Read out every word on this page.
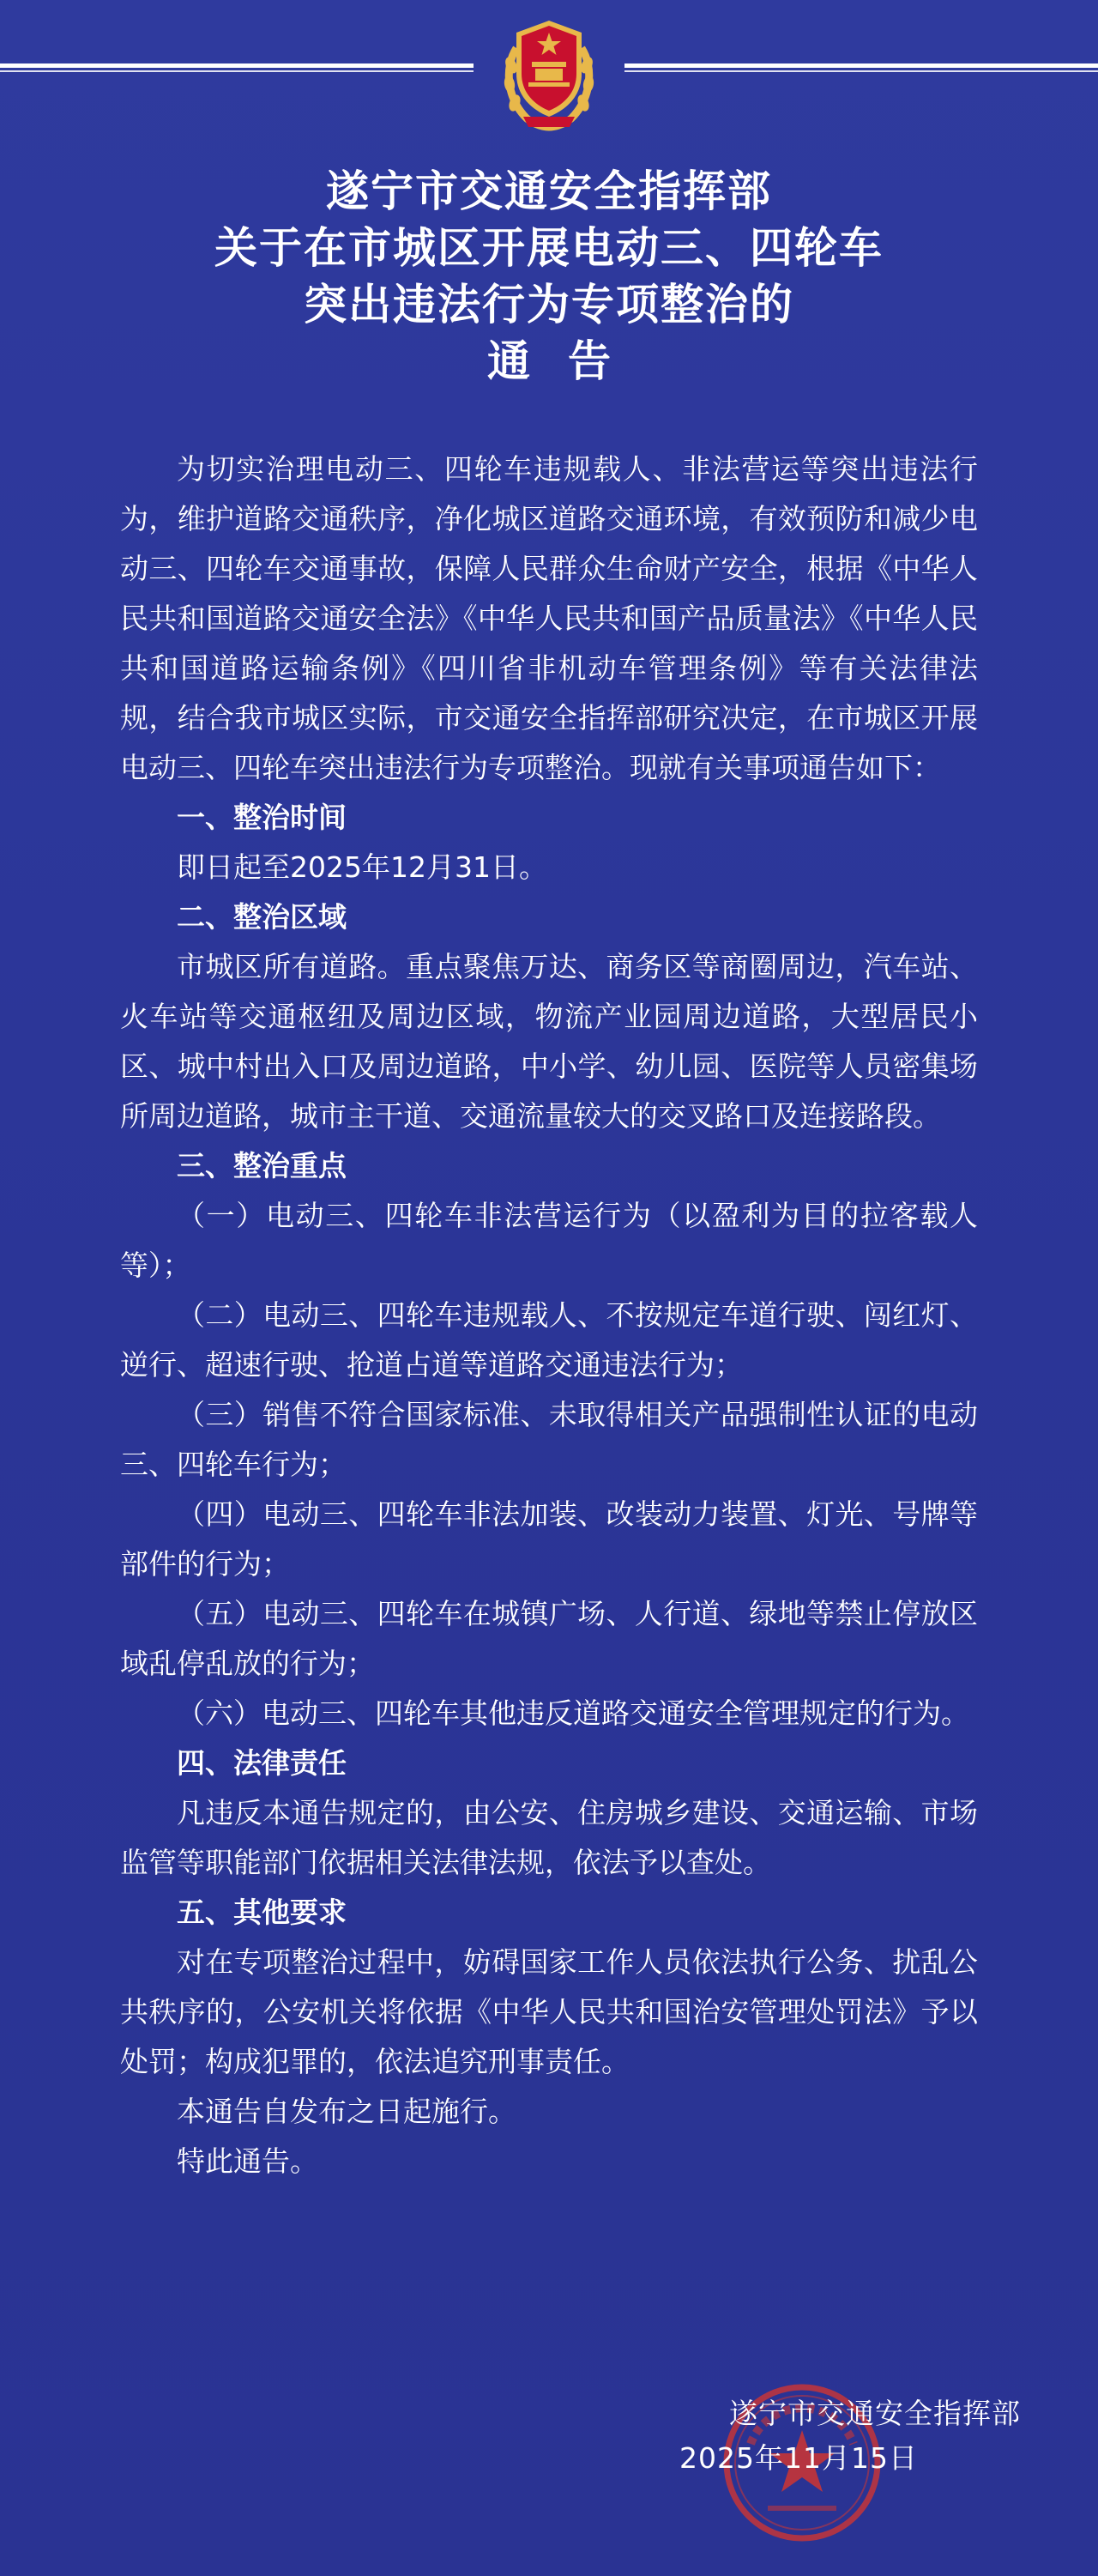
遂宁市交通安全指挥部
关于在市城区开展电动三、四轮车
突出违法行为专项整治的
通告

为切实治理电动三、四轮车违规载人、非法营运等突出违法行为，维护道路交通秩序，净化城区道路交通环境，有效预防和减少电动三、四轮车交通事故，保障人民群众生命财产安全，根据《中华人民共和国道路交通安全法》《中华人民共和国产品质量法》《中华人民共和国道路运输条例》《四川省非机动车管理条例》等有关法律法规，结合我市城区实际，市交通安全指挥部研究决定，在市城区开展电动三、四轮车突出违法行为专项整治。现就有关事项通告如下：

一、整治时间

即日起至2025年12月31日。

二、整治区域

市城区所有道路。重点聚焦万达、商务区等商圈周边，汽车站、火车站等交通枢纽及周边区域，物流产业园周边道路，大型居民小区、城中村出入口及周边道路，中小学、幼儿园、医院等人员密集场所周边道路，城市主干道、交通流量较大的交叉路口及连接路段。

三、整治重点

（一）电动三、四轮车非法营运行为（以盈利为目的拉客载人等）；

（二）电动三、四轮车违规载人、不按规定车道行驶、闯红灯、逆行、超速行驶、抢道占道等道路交通违法行为；

（三）销售不符合国家标准、未取得相关产品强制性认证的电动三、四轮车行为；

（四）电动三、四轮车非法加装、改装动力装置、灯光、号牌等部件的行为；

（五）电动三、四轮车在城镇广场、人行道、绿地等禁止停放区域乱停乱放的行为；

（六）电动三、四轮车其他违反道路交通安全管理规定的行为。

四、法律责任

凡违反本通告规定的，由公安、住房城乡建设、交通运输、市场监管等职能部门依据相关法律法规，依法予以查处。

五、其他要求

对在专项整治过程中，妨碍国家工作人员依法执行公务、扰乱公共秩序的，公安机关将依据《中华人民共和国治安管理处罚法》予以处罚；构成犯罪的，依法追究刑事责任。

本通告自发布之日起施行。

特此通告。

遂宁市交通安全指挥部
2025年11月15日
